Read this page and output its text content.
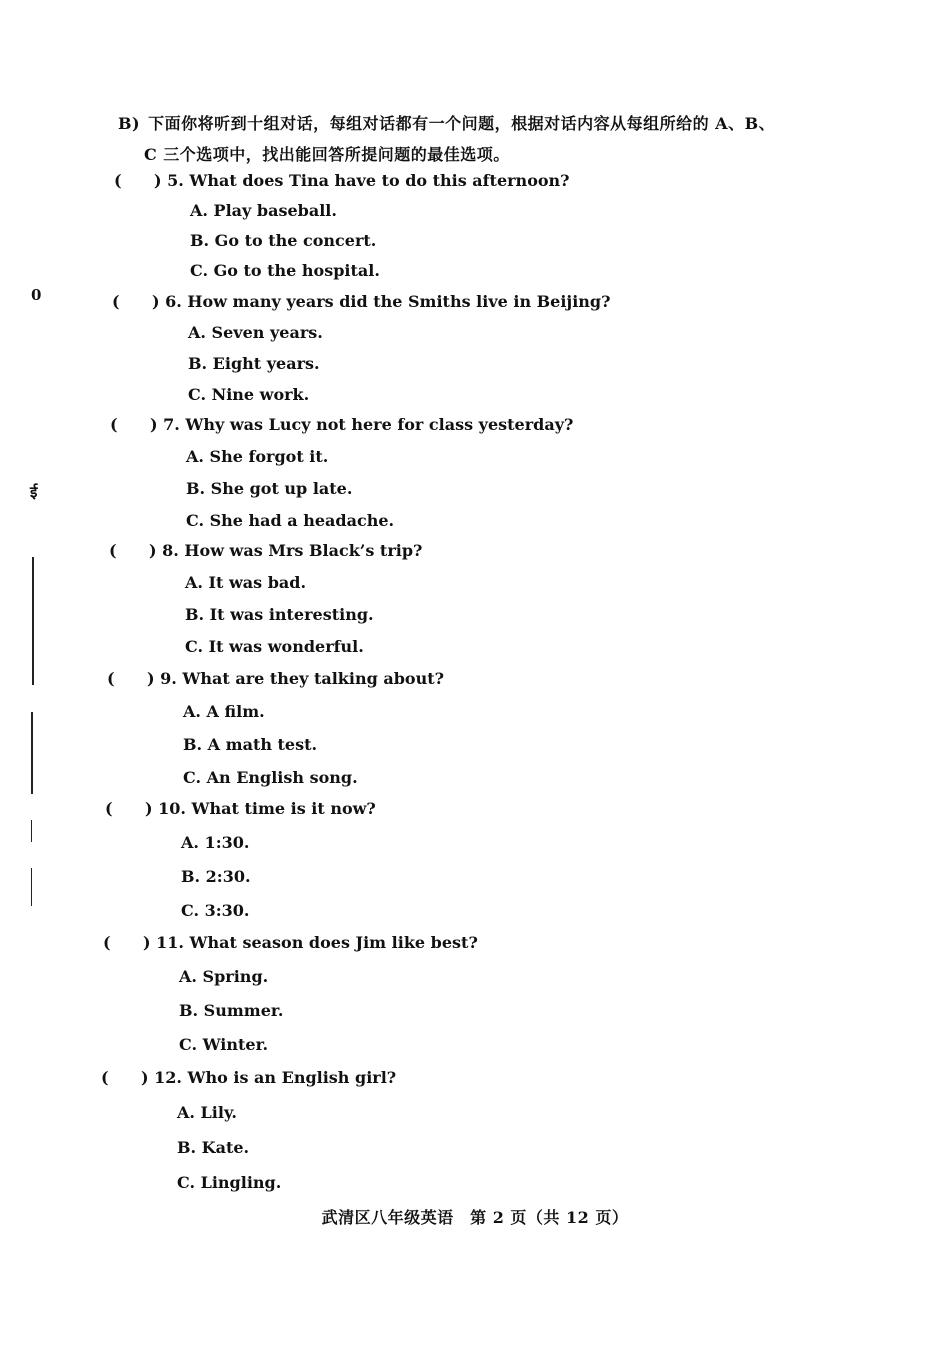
B) 下面你将听到十组对话，每组对话都有一个问题，根据对话内容从每组所给的 A、B、
C 三个选项中，找出能回答所提问题的最佳选项。
( ) 5. What does Tina have to do this afternoon?
A. Play baseball.
B. Go to the concert.
C. Go to the hospital.
( ) 6. How many years did the Smiths live in Beijing?
A. Seven years.
B. Eight years.
C. Nine work.
( ) 7. Why was Lucy not here for class yesterday?
A. She forgot it.
B. She got up late.
C. She had a headache.
( ) 8. How was Mrs Black’s trip?
A. It was bad.
B. It was interesting.
C. It was wonderful.
( ) 9. What are they talking about?
A. A film.
B. A math test.
C. An English song.
( ) 10. What time is it now?
A. 1:30.
B. 2:30.
C. 3:30.
( ) 11. What season does Jim like best?
A. Spring.
B. Summer.
C. Winter.
( ) 12. Who is an English girl?
A. Lily.
B. Kate.
C. Lingling.
武清区八年级英语　第 2 页（共 12 页）
0
ई
